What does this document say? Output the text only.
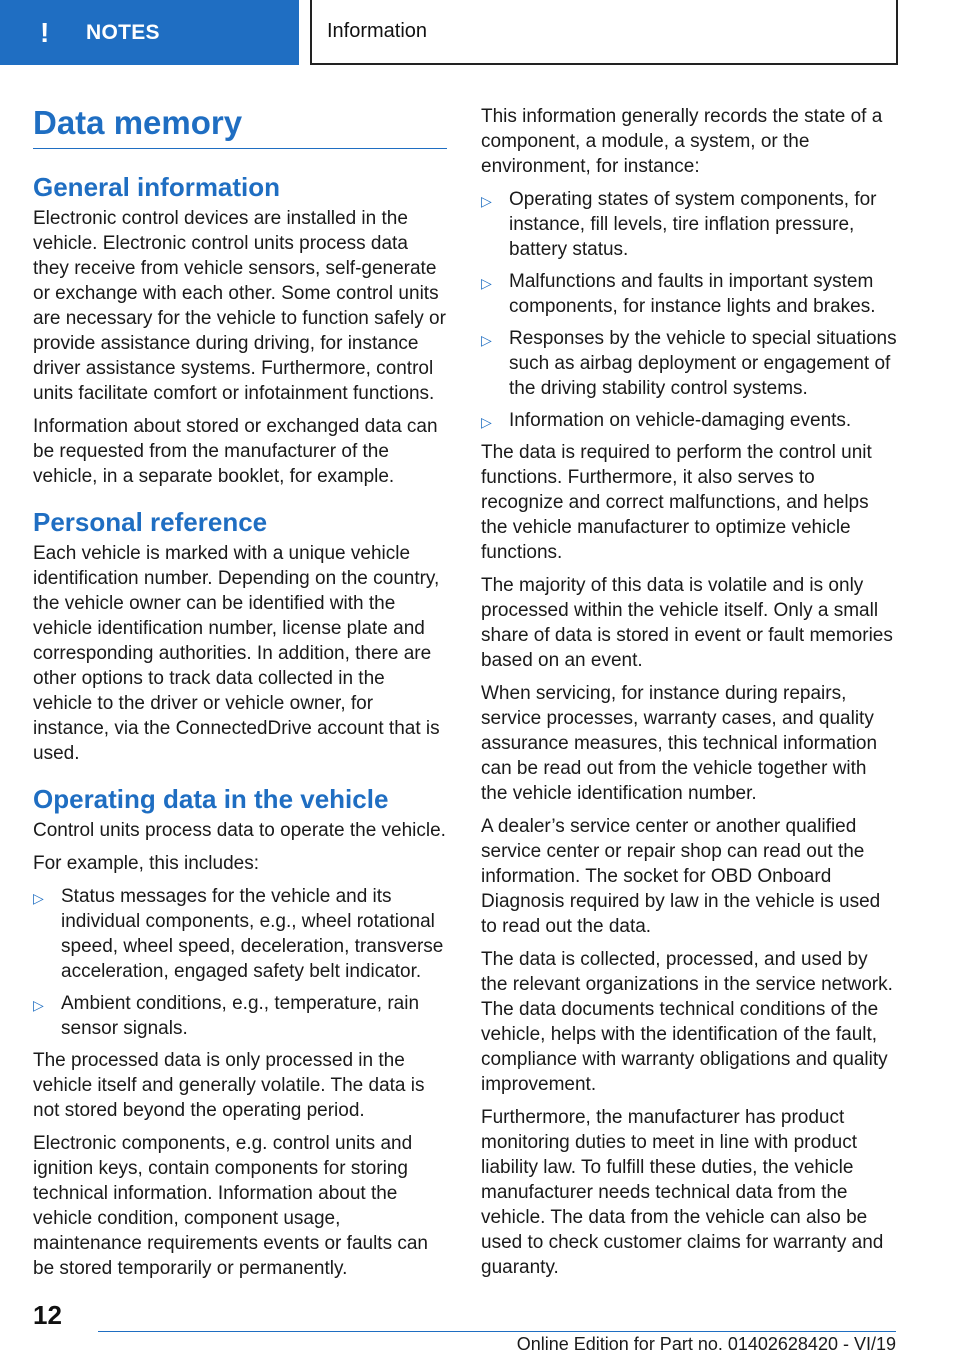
! NOTES	Information
Data memory
General information

Electronic control devices are installed in the vehicle. Electronic control units process data they receive from vehicle sensors, self-generate or exchange with each other. Some control units are necessary for the vehicle to function safely or provide assistance during driving, for instance driver assistance systems. Furthermore, control units facilitate comfort or infotainment functions.

Information about stored or exchanged data can be requested from the manufacturer of the vehicle, in a separate booklet, for example.

Personal reference

Each vehicle is marked with a unique vehicle identification number. Depending on the country, the vehicle owner can be identified with the vehicle identification number, license plate and corresponding authorities. In addition, there are other options to track data collected in the vehicle to the driver or vehicle owner, for instance, via the ConnectedDrive account that is used.

Operating data in the vehicle

Control units process data to operate the vehicle.

For example, this includes:

▷ Status messages for the vehicle and its individual components, e.g., wheel rotational speed, wheel speed, deceleration, transverse acceleration, engaged safety belt indicator.
▷ Ambient conditions, e.g., temperature, rain sensor signals.

The processed data is only processed in the vehicle itself and generally volatile. The data is not stored beyond the operating period.

Electronic components, e.g. control units and ignition keys, contain components for storing technical information. Information about the vehicle condition, component usage, maintenance requirements events or faults can be stored temporarily or permanently.

This information generally records the state of a component, a module, a system, or the environment, for instance:

▷ Operating states of system components, for instance, fill levels, tire inflation pressure, battery status.
▷ Malfunctions and faults in important system components, for instance lights and brakes.
▷ Responses by the vehicle to special situations such as airbag deployment or engagement of the driving stability control systems.
▷ Information on vehicle-damaging events.

The data is required to perform the control unit functions. Furthermore, it also serves to recognize and correct malfunctions, and helps the vehicle manufacturer to optimize vehicle functions.

The majority of this data is volatile and is only processed within the vehicle itself. Only a small share of data is stored in event or fault memories based on an event.

When servicing, for instance during repairs, service processes, warranty cases, and quality assurance measures, this technical information can be read out from the vehicle together with the vehicle identification number.

A dealer’s service center or another qualified service center or repair shop can read out the information. The socket for OBD Onboard Diagnosis required by law in the vehicle is used to read out the data.

The data is collected, processed, and used by the relevant organizations in the service network. The data documents technical conditions of the vehicle, helps with the identification of the fault, compliance with warranty obligations and quality improvement.

Furthermore, the manufacturer has product monitoring duties to meet in line with product liability law. To fulfill these duties, the vehicle manufacturer needs technical data from the vehicle. The data from the vehicle can also be used to check customer claims for warranty and guaranty.

12
Online Edition for Part no. 01402628420 - VI/19
